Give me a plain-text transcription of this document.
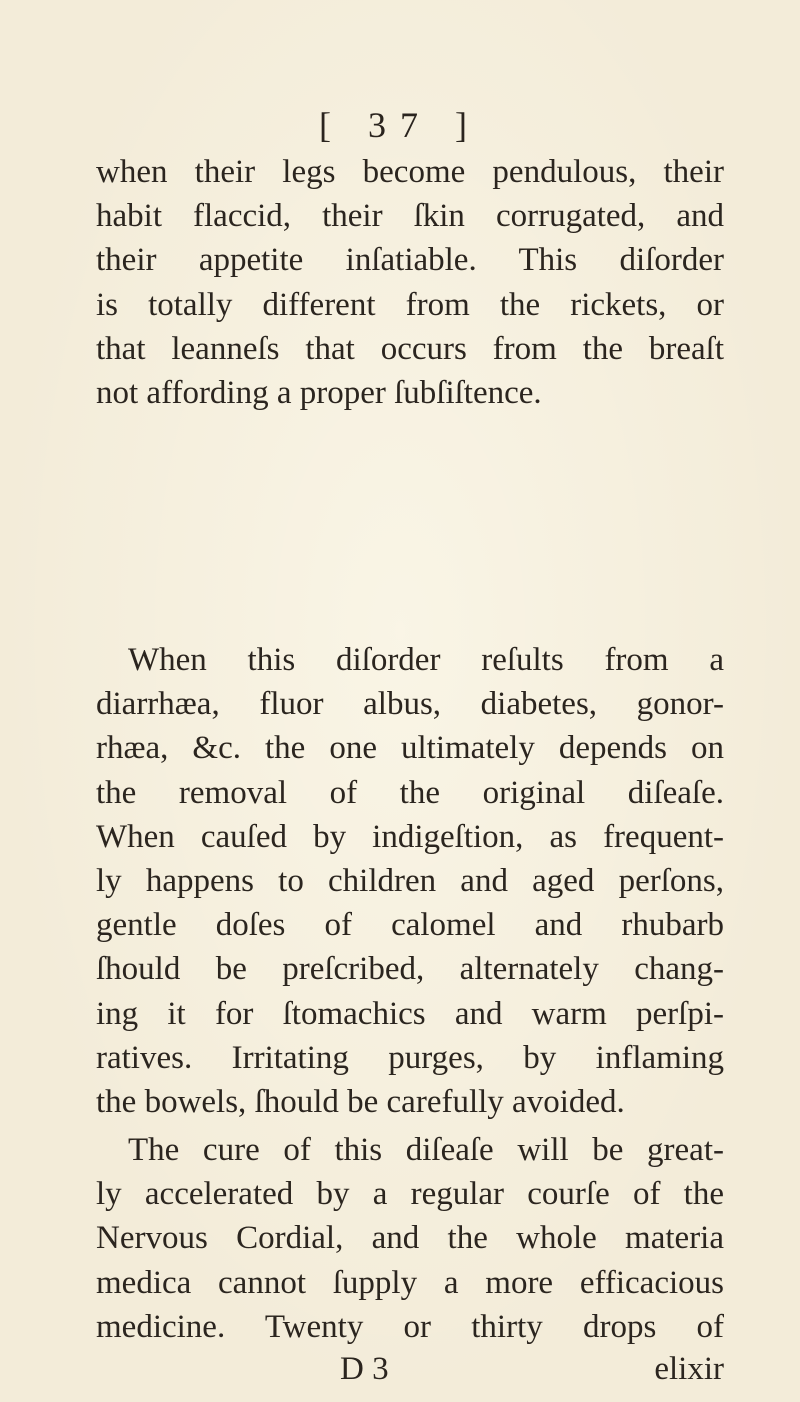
[ 37 ]
when their legs become pendulous, their
habit flaccid, their ſkin corrugated, and
their appetite inſatiable. This diſorder
is totally different from the rickets, or
that leanneſs that occurs from the breaſt
not affording a proper ſubſiſtence.
When this diſorder reſults from a
diarrhæa, fluor albus, diabetes, gonor-
rhæa, &c. the one ultimately depends on
the removal of the original diſeaſe.
When cauſed by indigeſtion, as frequent-
ly happens to children and aged perſons,
gentle doſes of calomel and rhubarb
ſhould be preſcribed, alternately chang-
ing it for ſtomachics and warm perſpi-
ratives. Irritating purges, by inflaming
the bowels, ſhould be carefully avoided.
The cure of this diſeaſe will be great-
ly accelerated by a regular courſe of the
Nervous Cordial, and the whole materia
medica cannot ſupply a more efficacious
medicine. Twenty or thirty drops of
D 3	elixir
